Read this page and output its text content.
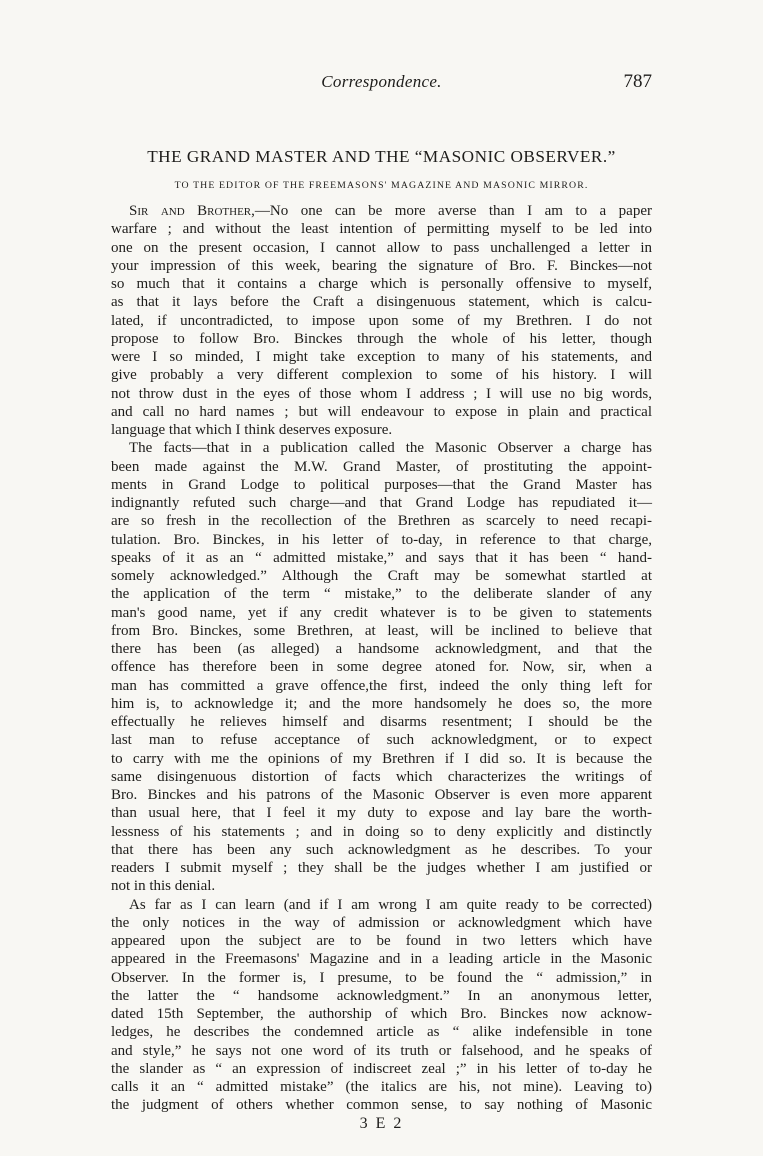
Correspondence.	787
THE GRAND MASTER AND THE “MASONIC OBSERVER.”
TO THE EDITOR OF THE FREEMASONS' MAGAZINE AND MASONIC MIRROR.
Sir and Brother,—No one can be more averse than I am to a paper
warfare ; and without the least intention of permitting myself to be led into
one on the present occasion, I cannot allow to pass unchallenged a letter in
your impression of this week, bearing the signature of Bro. F. Binckes—not
so much that it contains a charge which is personally offensive to myself,
as that it lays before the Craft a disingenuous statement, which is calcu-
lated, if uncontradicted, to impose upon some of my Brethren. I do not
propose to follow Bro. Binckes through the whole of his letter, though
were I so minded, I might take exception to many of his statements, and
give probably a very different complexion to some of his history. I will
not throw dust in the eyes of those whom I address ; I will use no big words,
and call no hard names ; but will endeavour to expose in plain and practical
language that which I think deserves exposure.
The facts—that in a publication called the Masonic Observer a charge has
been made against the M.W. Grand Master, of prostituting the appoint-
ments in Grand Lodge to political purposes—that the Grand Master has
indignantly refuted such charge—and that Grand Lodge has repudiated it—
are so fresh in the recollection of the Brethren as scarcely to need recapi-
tulation. Bro. Binckes, in his letter of to-day, in reference to that charge,
speaks of it as an “ admitted mistake,” and says that it has been “ hand-
somely acknowledged.” Although the Craft may be somewhat startled at
the application of the term “ mistake,” to the deliberate slander of any
man's good name, yet if any credit whatever is to be given to statements
from Bro. Binckes, some Brethren, at least, will be inclined to believe that
there has been (as alleged) a handsome acknowledgment, and that the
offence has therefore been in some degree atoned for. Now, sir, when a
man has committed a grave offence,the first, indeed the only thing left for
him is, to acknowledge it; and the more handsomely he does so, the more
effectually he relieves himself and disarms resentment; I should be the
last man to refuse acceptance of such acknowledgment, or to expect
to carry with me the opinions of my Brethren if I did so. It is because the
same disingenuous distortion of facts which characterizes the writings of
Bro. Binckes and his patrons of the Masonic Observer is even more apparent
than usual here, that I feel it my duty to expose and lay bare the worth-
lessness of his statements ; and in doing so to deny explicitly and distinctly
that there has been any such acknowledgment as he describes. To your
readers I submit myself ; they shall be the judges whether I am justified or
not in this denial.
As far as I can learn (and if I am wrong I am quite ready to be corrected)
the only notices in the way of admission or acknowledgment which have
appeared upon the subject are to be found in two letters which have
appeared in the Freemasons' Magazine and in a leading article in the Masonic
Observer. In the former is, I presume, to be found the “ admission,” in
the latter the “ handsome acknowledgment.” In an anonymous letter,
dated 15th September, the authorship of which Bro. Binckes now acknow-
ledges, he describes the condemned article as “ alike indefensible in tone
and style,” he says not one word of its truth or falsehood, and he speaks of
the slander as “ an expression of indiscreet zeal ;” in his letter of to-day he
calls it an “ admitted mistake” (the italics are his, not mine). Leaving to)
the judgment of others whether common sense, to say nothing of Masonic
3 E 2
